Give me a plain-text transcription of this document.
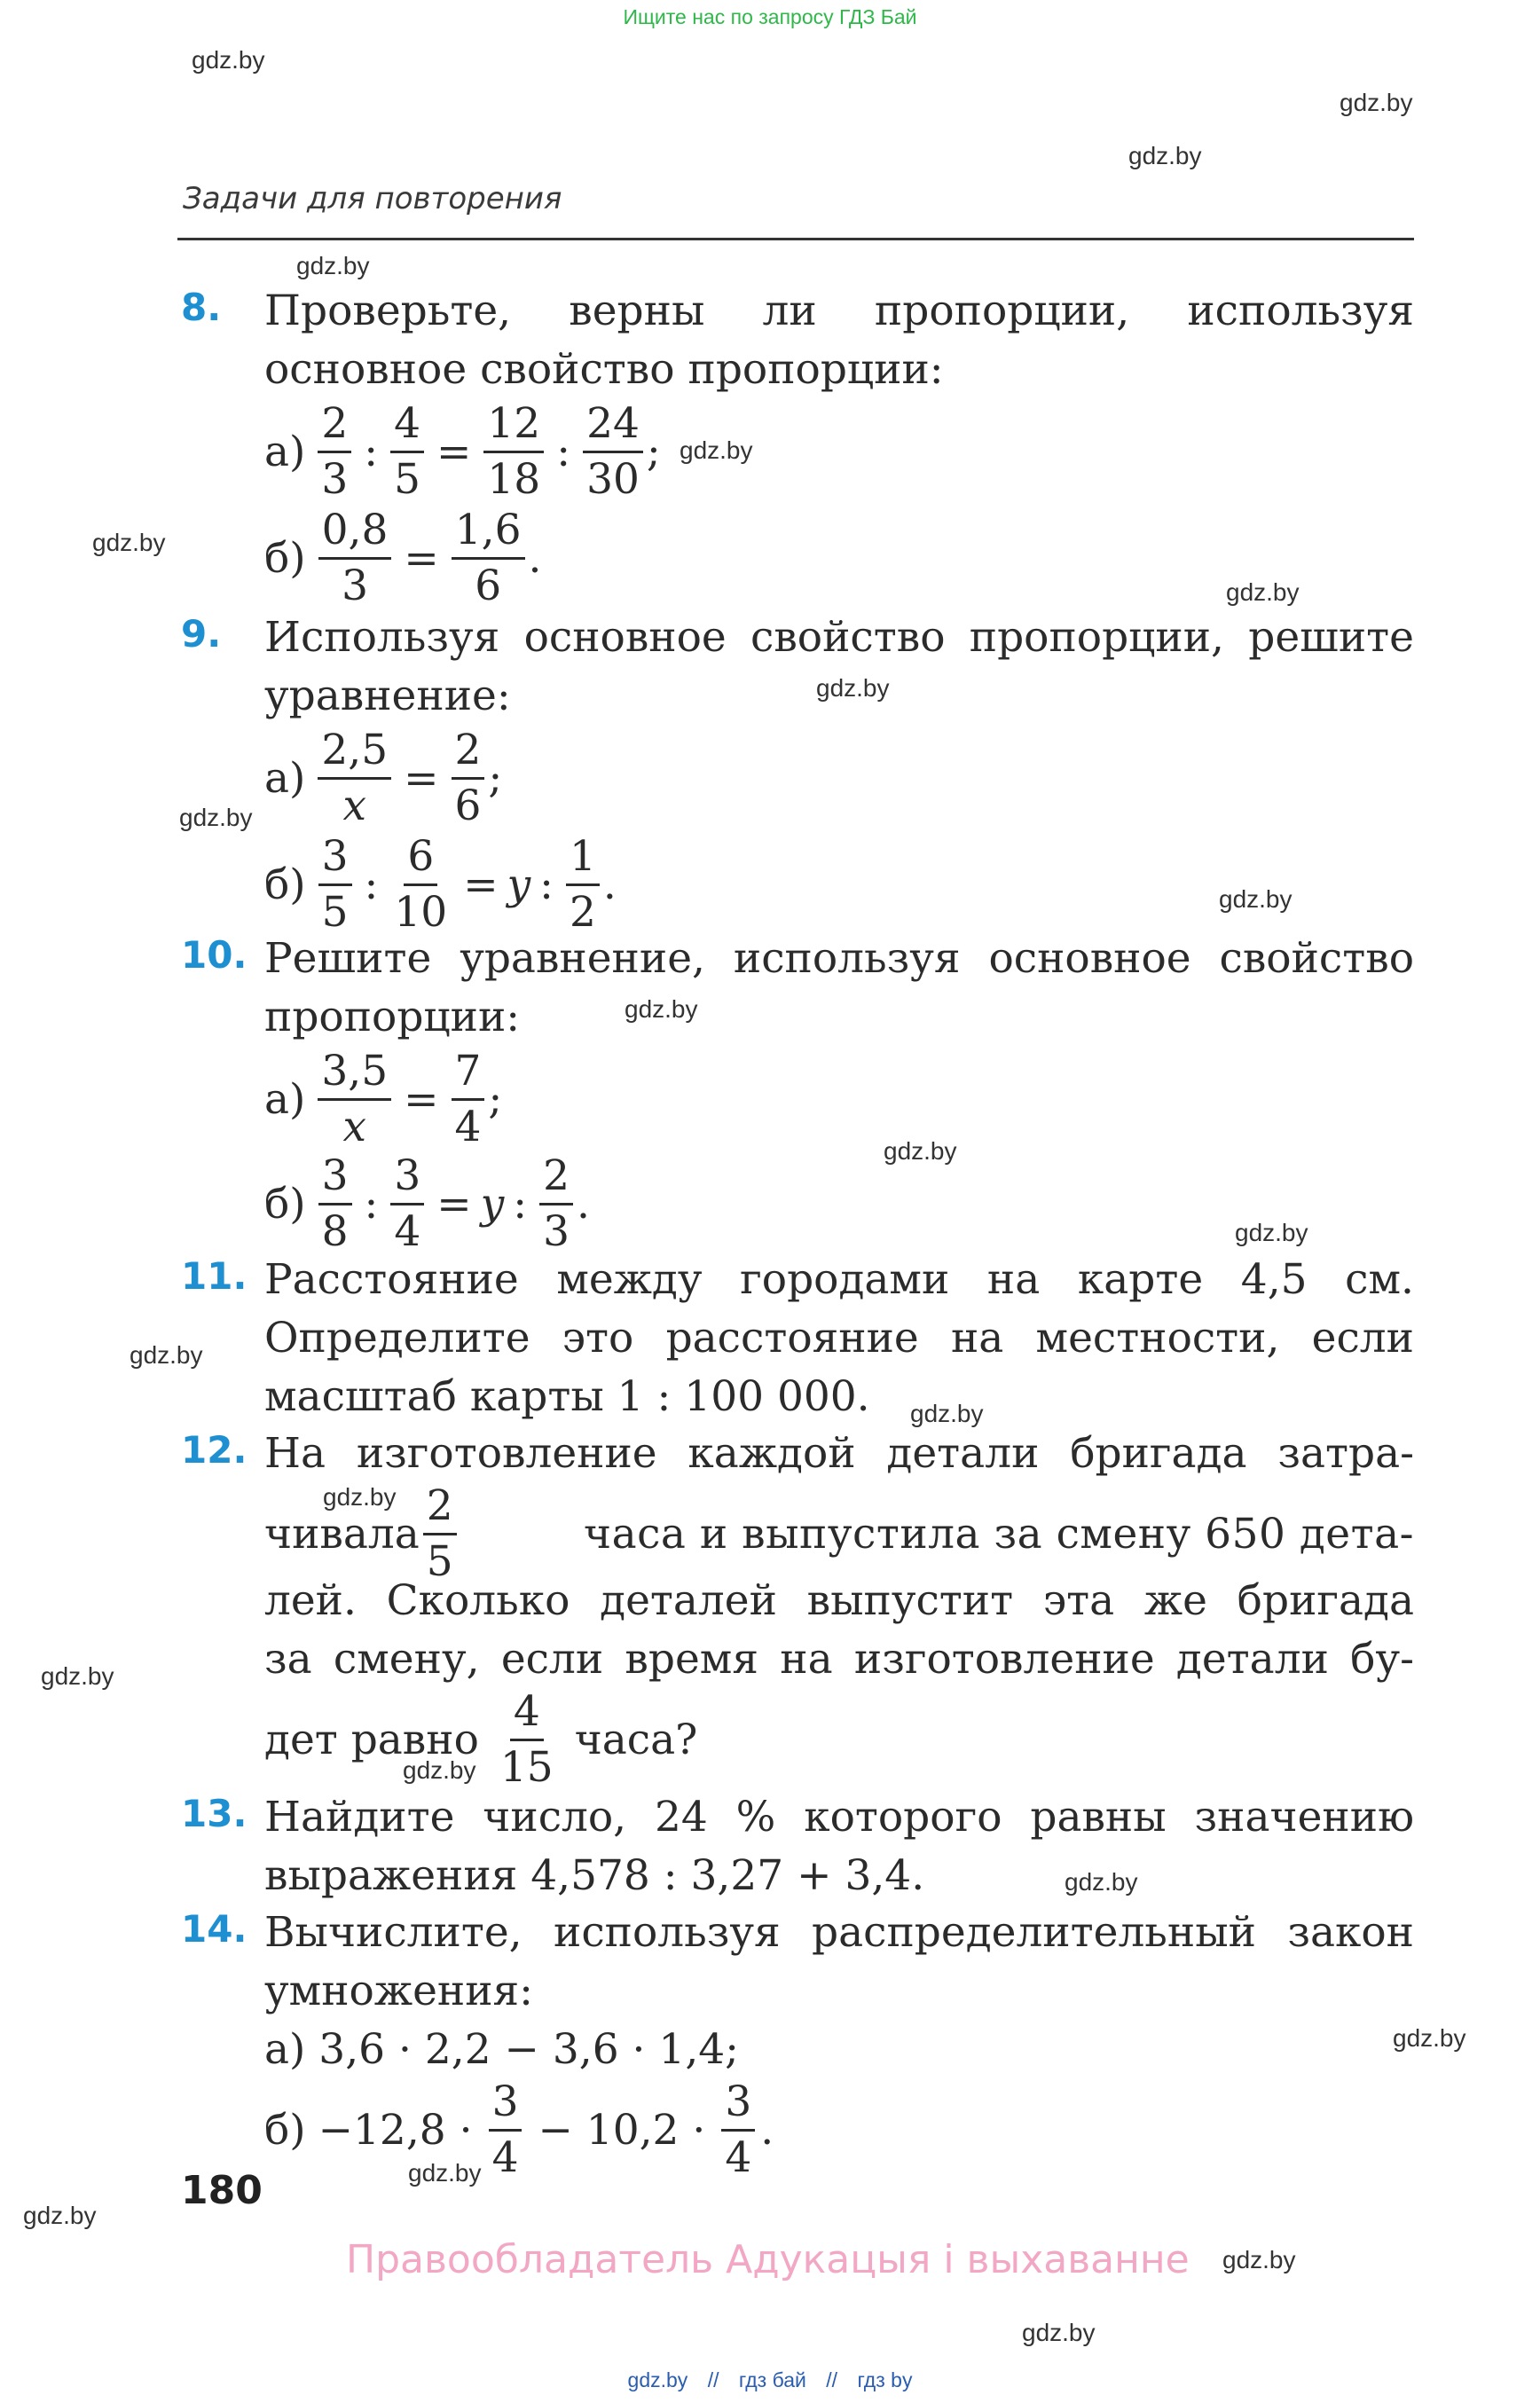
Ищите нас по запросу ГДЗ Бай
Задачи для повторения
gdz.by
gdz.by
gdz.by
gdz.by
gdz.by
gdz.by
gdz.by
gdz.by
gdz.by
gdz.by
gdz.by
gdz.by
gdz.by
gdz.by
gdz.by
gdz.by
gdz.by
gdz.by
gdz.by
gdz.by
gdz.by
gdz.by
gdz.by
gdz.by
8. Проверьте, верны ли пропорции, используя
основное свойство пропорции:
$а) \frac{2}{3}$ : $\frac{4}{5} = \frac{12}{18}$ : $\frac{24}{30}$ ;
$б) \frac{0,8}{3} = \frac{1,6}{6}$ .
9. Используя основное свойство пропорции, решите
уравнение:
$а) \frac{2,5}{x} = \frac{2}{6}$ ;
$б) \frac{3}{5}$ : $\frac{6}{10} = y$ : $\frac{1}{2}$ .
10. Решите уравнение, используя основное свойство
пропорции:
$а) \frac{3,5}{x} = \frac{7}{4}$ ;
$б) \frac{3}{8}$ : $\frac{3}{4} = y$ : $\frac{2}{3}$ .
11. Расстояние между городами на карте 4,5 см.
Определите это расстояние на местности, если
масштаб карты 1 : 100 000.
12. На изготовление каждой детали бригада затра-
чивала $\frac{2}{5}$	часа и выпустила за смену 650 дета-
лей. Сколько деталей выпустит эта же бригада
за смену, если время на изготовление детали бу-
дет равно $\frac{4}{15}$ часа?
13. Найдите число, 24 % которого равны значению
выражения 4,578 : 3,27 + 3,4.
14. Вычислите, используя распределительный закон
умножения:
а) 3,6 · 2,2 − 3,6 · 1,4;
$б) -12,8 \cdot \frac{3}{4} - 10,2 \cdot \frac{3}{4}$ .
180
Правообладатель Адукацыя і выхаванне
gdz.by // гдз бай // гдз by
